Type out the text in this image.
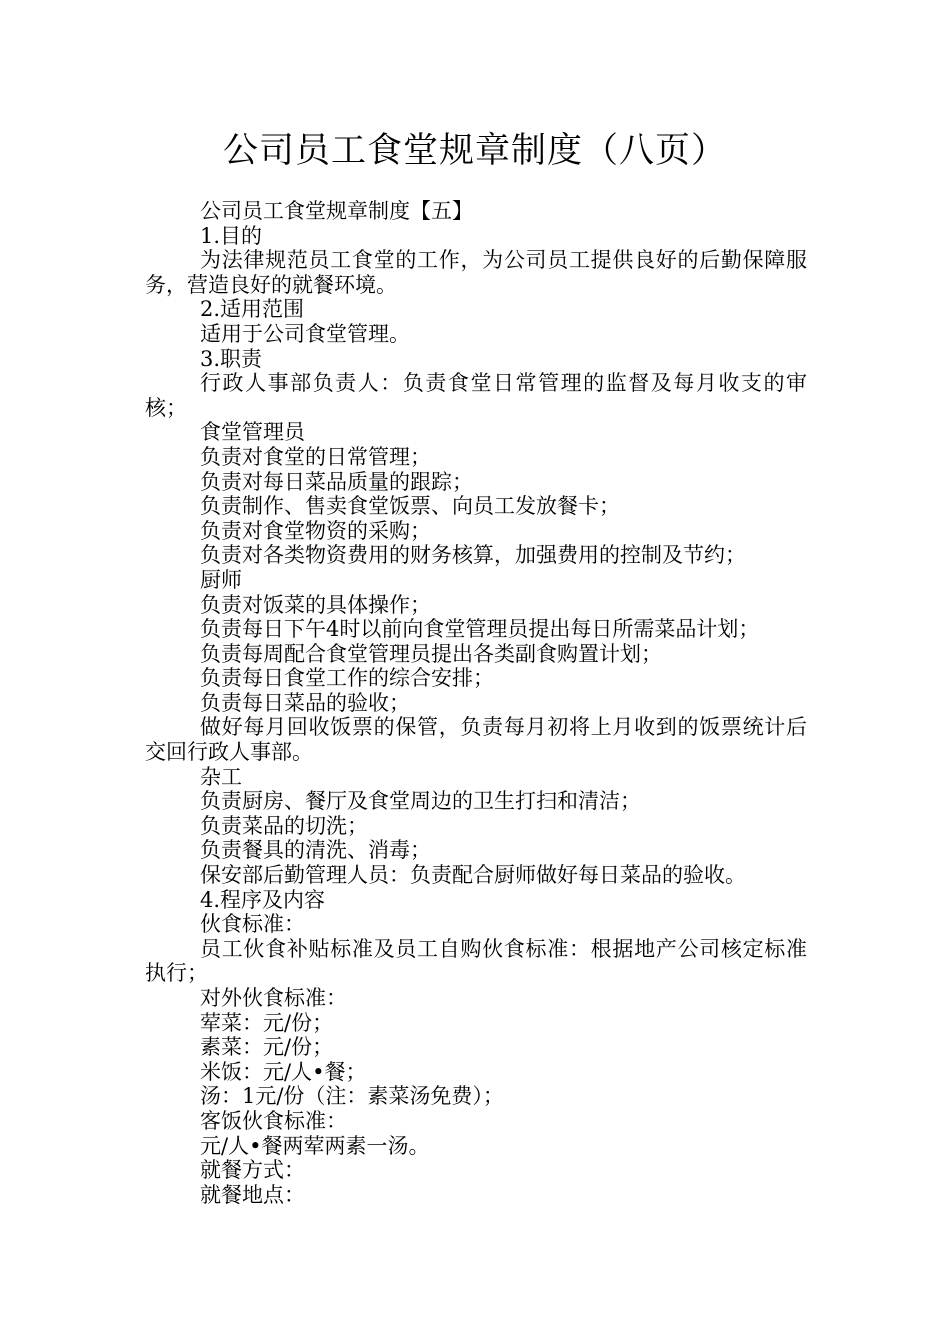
公司员工食堂规章制度（八页）

公司员工食堂规章制度【五】

1.目的

为法律规范员工食堂的工作，为公司员工提供良好的后勤保障服务，营造良好的就餐环境。

2.适用范围

适用于公司食堂管理。

3.职责

行政人事部负责人：负责食堂日常管理的监督及每月收支的审核；

食堂管理员

负责对食堂的日常管理；

负责对每日菜品质量的跟踪；

负责制作、售卖食堂饭票、向员工发放餐卡；

负责对食堂物资的采购；

负责对各类物资费用的财务核算，加强费用的控制及节约；

厨师

负责对饭菜的具体操作；

负责每日下午4时以前向食堂管理员提出每日所需菜品计划；

负责每周配合食堂管理员提出各类副食购置计划；

负责每日食堂工作的综合安排；

负责每日菜品的验收；

做好每月回收饭票的保管，负责每月初将上月收到的饭票统计后交回行政人事部。

杂工

负责厨房、餐厅及食堂周边的卫生打扫和清洁；

负责菜品的切洗；

负责餐具的清洗、消毒；

保安部后勤管理人员：负责配合厨师做好每日菜品的验收。

4.程序及内容

伙食标准：

员工伙食补贴标准及员工自购伙食标准：根据地产公司核定标准执行；

对外伙食标准：

荤菜：元/份；

素菜：元/份；

米饭：元/人•餐；

汤：1元/份（注：素菜汤免费）；

客饭伙食标准：

元/人•餐两荤两素一汤。

就餐方式：

就餐地点：
